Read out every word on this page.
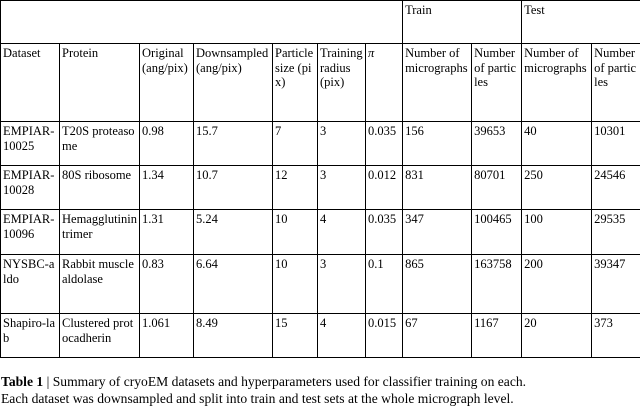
							Train		Test	
Dataset	Protein	Original (ang/pix)	Downsampled (ang/pix)	Particle size (pix)	Training radius (pix)	π	Number of micrographs	Number of particles	Number of micrographs	Number of particles
EMPIAR-10025	T20S proteasome	0.98	15.7	7	3	0.035	156	39653	40	10301
EMPIAR-10028	80S ribosome	1.34	10.7	12	3	0.012	831	80701	250	24546
EMPIAR-10096	Hemagglutinin trimer	1.31	5.24	10	4	0.035	347	100465	100	29535
NYSBC-aldo	Rabbit muscle aldolase	0.83	6.64	10	3	0.1	865	163758	200	39347
Shapiro-lab	Clustered protocadherin	1.061	8.49	15	4	0.015	67	1167	20	373
Table 1 | Summary of cryoEM datasets and hyperparameters used for classifier training on each.
Each dataset was downsampled and split into train and test sets at the whole micrograph level.
